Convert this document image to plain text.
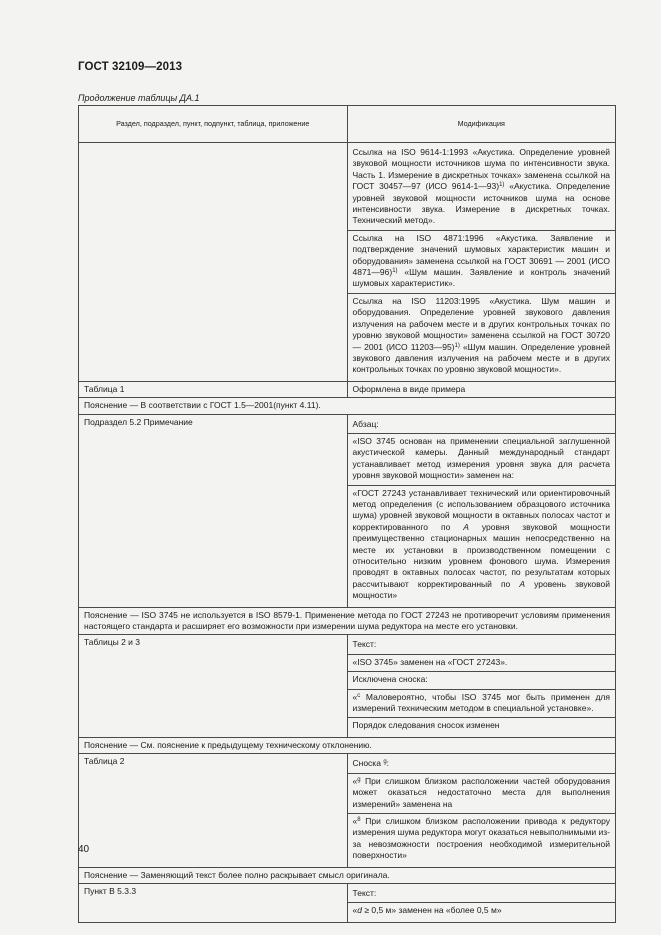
ГОСТ 32109—2013
Продолжение таблицы ДА.1
Раздел, подраздел, пункт, подпункт, таблица, приложение	Модификация

	Ссылка на ISO 9614-1:1993 «Акустика. Определение уровней звуковой мощности источников шума по интенсивности звука. Часть 1. Измерение в дискретных точках» заменена ссылкой на ГОСТ 30457—97 (ИСО 9614-1—93)$^{1)}$ «Акустика. Определение уровней звуковой мощности источников шума на основе интенсивности звука. Измерение в дискретных точках. Технический метод».
Ссылка на ISO 4871:1996 «Акустика. Заявление и подтверждение значений шумовых характеристик машин и оборудования» заменена ссылкой на ГОСТ 30691 — 2001 (ИСО 4871—96)$^{1)}$ «Шум машин. Заявление и контроль значений шумовых характеристик».
Ссылка на ISO 11203:1995 «Акустика. Шум машин и оборудования. Определение уровней звукового давления излучения на рабочем месте и в других контрольных точках по уровню звуковой мощности» заменена ссылкой на ГОСТ 30720 — 2001 (ИСО 11203—95)$^{1)}$ «Шум машин. Определение уровней звукового давления излучения на рабочем месте и в других контрольных точках по уровню звуковой мощности».

Таблица 1	Оформлена в виде примера
Пояснение — В соответствии с ГОСТ 1.5—2001(пункт 4.11).	
Подраздел 5.2 Примечание	Абзац:
«ISO 3745 основан на применении специальной заглушенной акустической камеры. Данный международный стандарт устанавливает метод измерения уровня звука для расчета уровня звуковой мощности» заменен на:
«ГОСТ 27243 устанавливает технический или ориентировочный метод определения (с использованием образцового источника шума) уровней звуковой мощности в октавных полосах частот и корректированного по А уровня звуковой мощности преимущественно стационарных машин непосредственно на месте их установки в производственном помещении с относительно низким уровнем фонового шума. Измерения проводят в октавных полосах частот, по результатам которых рассчитывают корректированный по А уровень звуковой мощности»

Пояснение — ISO 3745 не используется в ISO 8579-1. Применение метода по ГОСТ 27243 не противоречит условиям применения настоящего стандарта и расширяет его возможности при измерении шума редуктора на месте его установки.	
Таблицы 2 и 3	Текст:
«ISO 3745» заменен на «ГОСТ 27243».
Исключена сноска:
«$^c$ Маловероятно, чтобы ISO 3745 мог быть применен для измерений техническим методом в специальной установке».
Порядок следования сносок изменен

Пояснение — См. пояснение к предыдущему техническому отклонению.	
Таблица 2	Сноска $^g$:
«$^g$ При слишком близком расположении частей оборудования может оказаться недостаточно места для выполнения измерений» заменена на
«$^8$ При слишком близком расположении привода к редуктору измерения шума редуктора могут оказаться невыполнимыми из-за невозможности построения необходимой измерительной поверхности»

Пояснение — Заменяющий текст более полно раскрывает смысл оригинала.	
Пункт В 5.3.3	Текст:
«d ≥ 0,5 м» заменен на «более 0,5 м»
40
